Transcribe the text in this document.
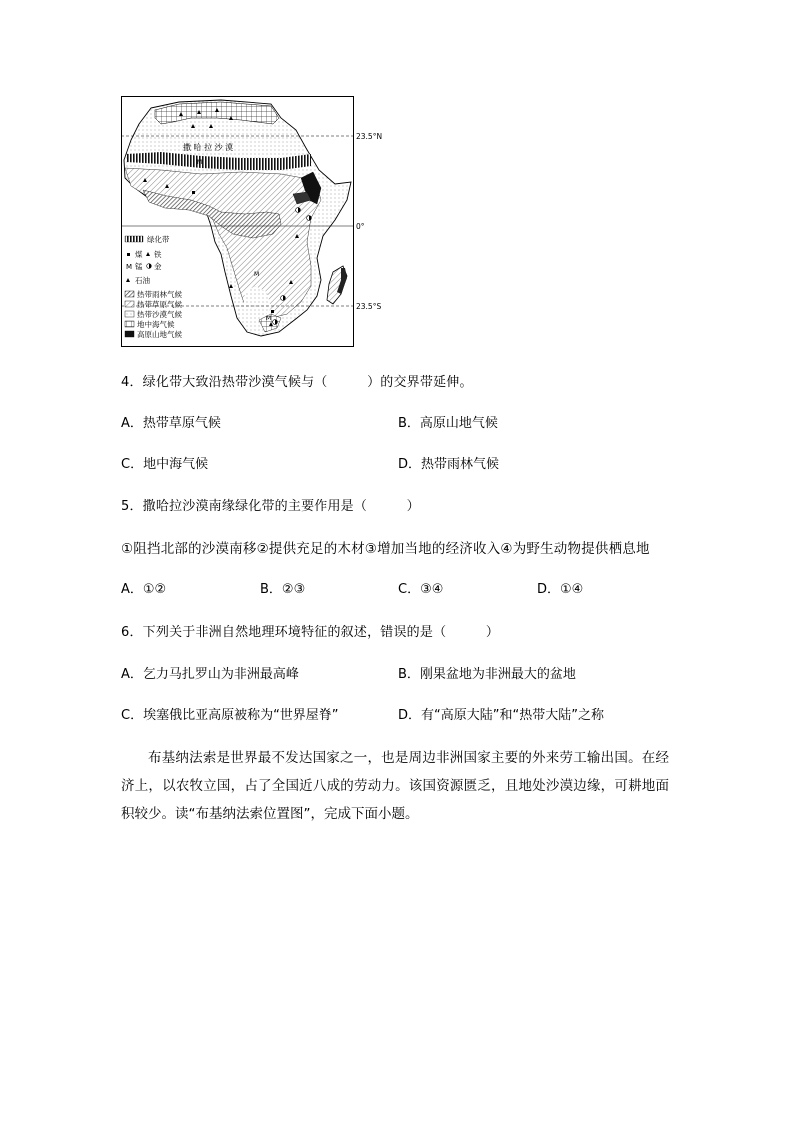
23.5°N
0°
23.5°S
撒 哈 拉 沙 漠
M
M
M
绿化带
煤 铁
M 锰 金
石油
热带雨林气候
热带草原气候
热带沙漠气候
地中海气候
高原山地气候
4．绿化带大致沿热带沙漠气候与（　　　）的交界带延伸。
A．热带草原气候	B．高原山地气候
C．地中海气候	D．热带雨林气候
5．撒哈拉沙漠南缘绿化带的主要作用是（　　　）
①阻挡北部的沙漠南移②提供充足的木材③增加当地的经济收入④为野生动物提供栖息地
A．①②	B．②③	C．③④	D．①④
6．下列关于非洲自然地理环境特征的叙述，错误的是（　　　）
A．乞力马扎罗山为非洲最高峰	B．刚果盆地为非洲最大的盆地
C．埃塞俄比亚高原被称为“世界屋脊”	D．有“高原大陆”和“热带大陆”之称
布基纳法索是世界最不发达国家之一，也是周边非洲国家主要的外来劳工输出国。在经济上，以农牧立国，占了全国近八成的劳动力。该国资源匮乏，且地处沙漠边缘，可耕地面积较少。读“布基纳法索位置图”，完成下面小题。
